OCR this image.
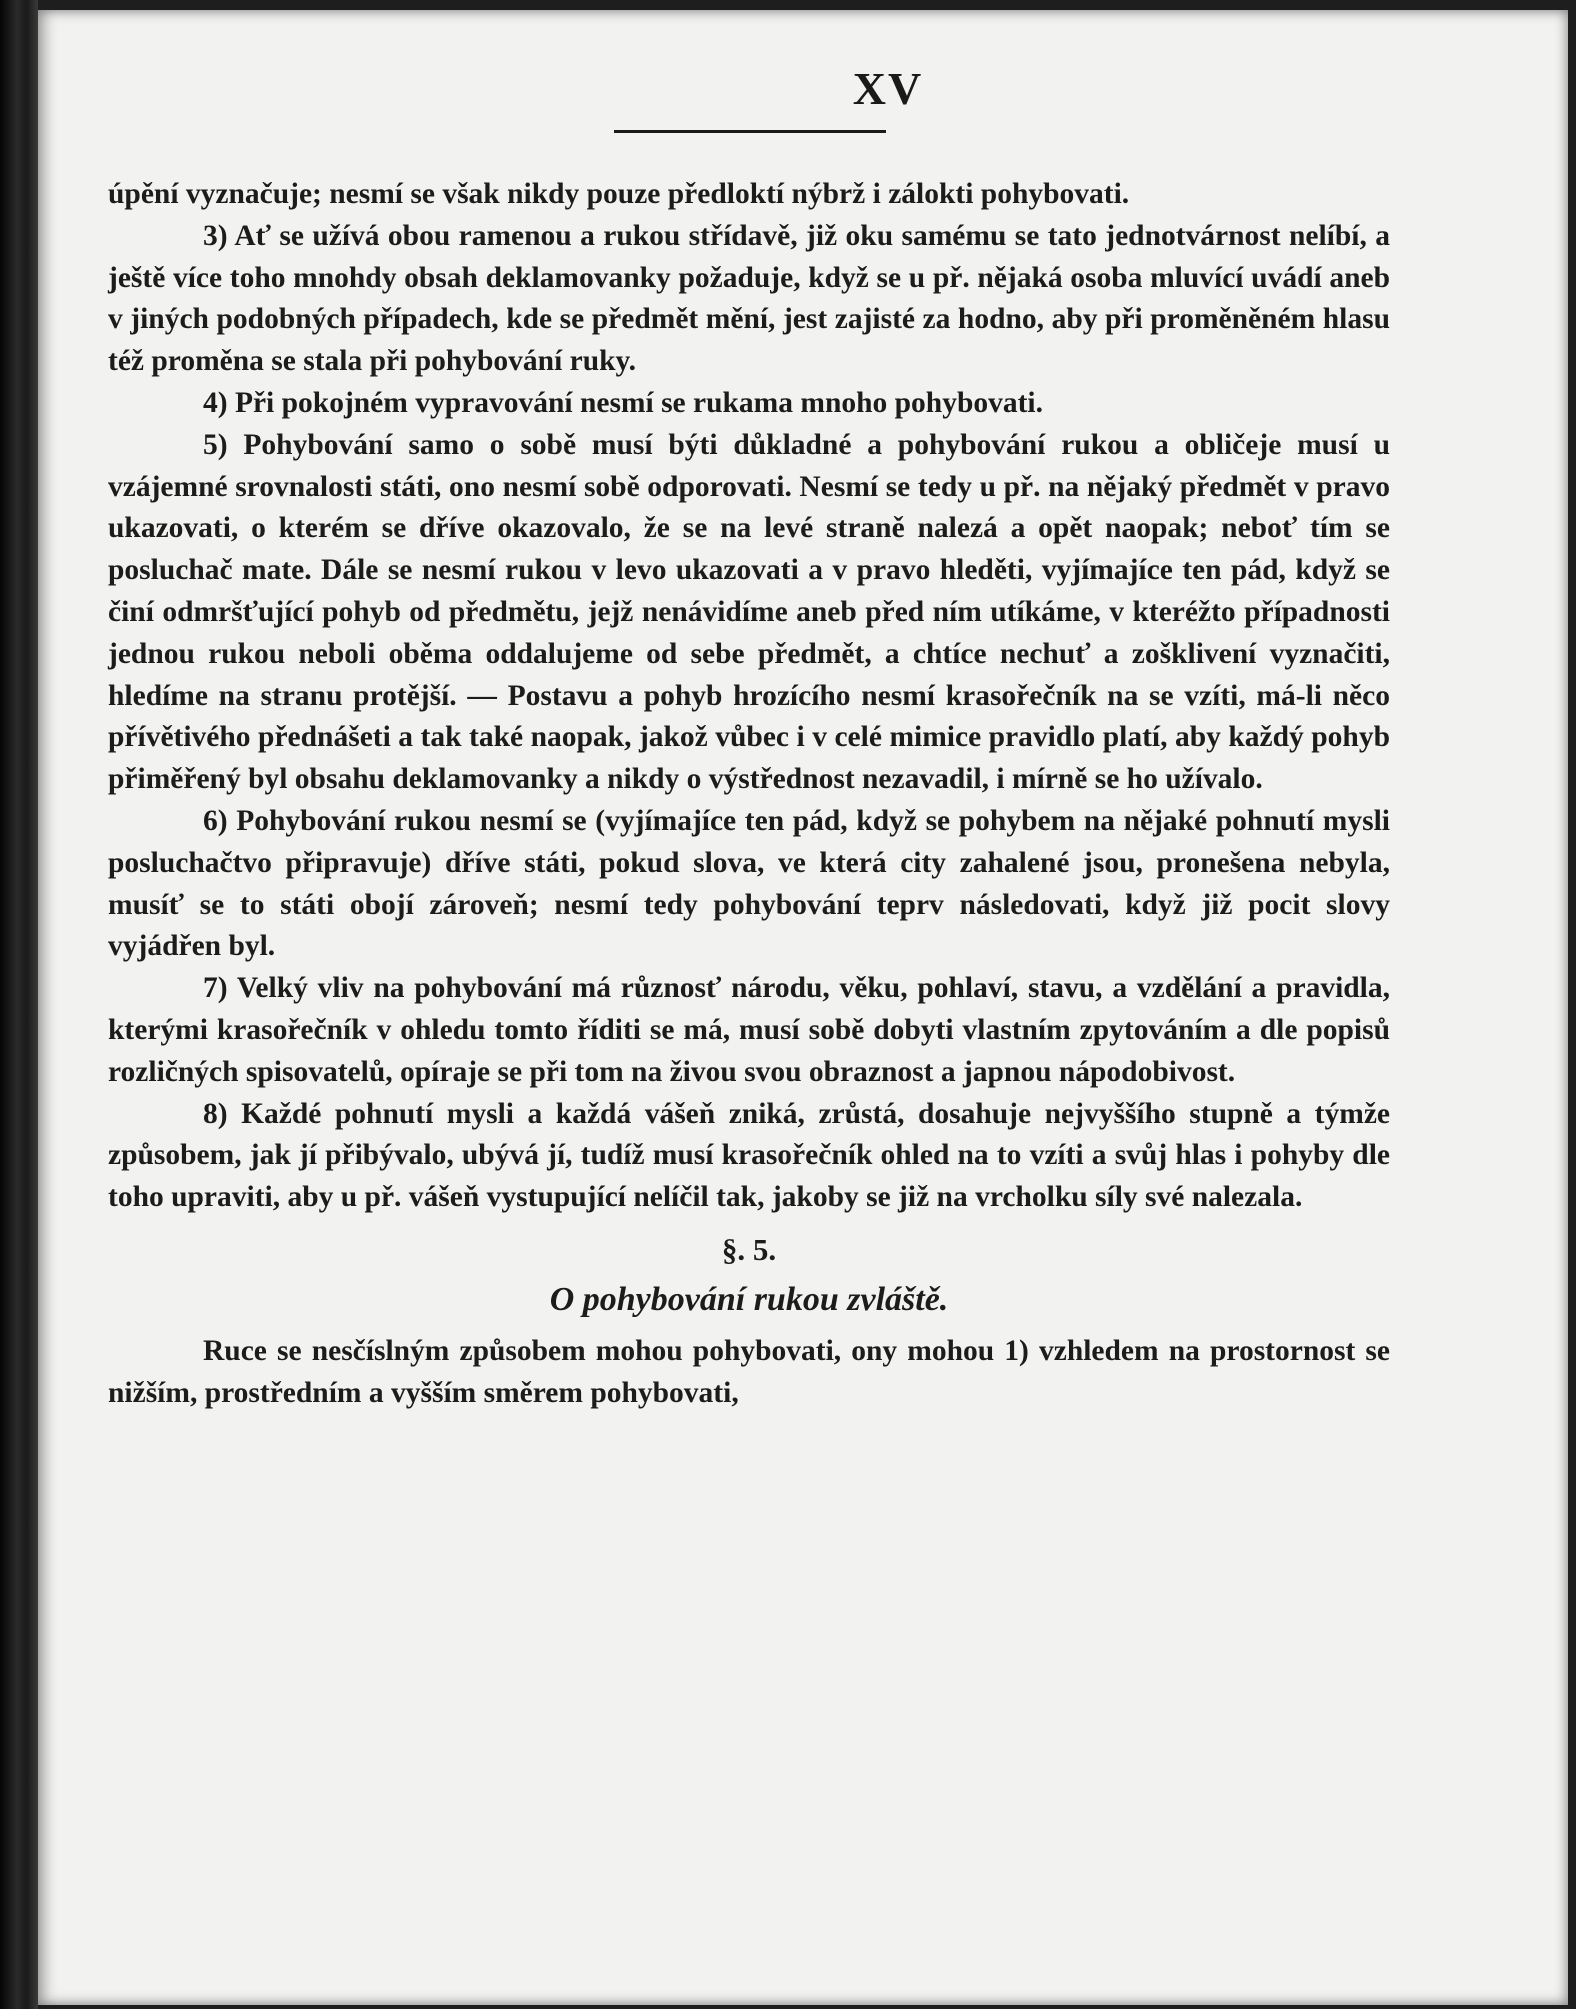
XV

úpění vyznačuje; nesmí se však nikdy pouze předloktí nýbrž i zálokti pohybovati.

3) Ať se užívá obou ramenou a rukou střídavě, již oku samému se tato jednotvárnost nelíbí, a ještě více toho mnohdy obsah deklamovanky požaduje, když se u př. nějaká osoba mluvící uvádí aneb v jiných podobných případech, kde se předmět mění, jest zajisté za hodno, aby při proměněném hlasu též proměna se stala při pohybování ruky.

4) Při pokojném vypravování nesmí se rukama mnoho pohybovati.

5) Pohybování samo o sobě musí býti důkladné a pohybování rukou a obličeje musí u vzájemné srovnalosti státi, ono nesmí sobě odporovati. Nesmí se tedy u př. na nějaký předmět v pravo ukazovati, o kterém se dříve okazovalo, že se na levé straně nalezá a opět naopak; neboť tím se posluchač mate. Dále se nesmí rukou v levo ukazovati a v pravo hleděti, vyjímajíce ten pád, když se činí odmršťující pohyb od předmětu, jejž nenávidíme aneb před ním utíkáme, v kteréžto případnosti jednou rukou neboli oběma oddalujeme od sebe předmět, a chtíce nechuť a zošklivení vyznačiti, hledíme na stranu protější. — Postavu a pohyb hrozícího nesmí krasořečník na se vzíti, má-li něco přívětivého přednášeti a tak také naopak, jakož vůbec i v celé mimice pravidlo platí, aby každý pohyb přiměřený byl obsahu deklamovanky a nikdy o výstřednost nezavadil, i mírně se ho užívalo.

6) Pohybování rukou nesmí se (vyjímajíce ten pád, když se pohybem na nějaké pohnutí mysli posluchačtvo připravuje) dříve státi, pokud slova, ve která city zahalené jsou, pronešena nebyla, musíť se to státi obojí zároveň; nesmí tedy pohybování teprv následovati, když již pocit slovy vyjádřen byl.

7) Velký vliv na pohybování má různosť národu, věku, pohlaví, stavu, a vzdělání a pravidla, kterými krasořečník v ohledu tomto říditi se má, musí sobě dobyti vlastním zpytováním a dle popisů rozličných spisovatelů, opíraje se při tom na živou svou obraznost a japnou nápodobivost.

8) Každé pohnutí mysli a každá vášeň zniká, zrůstá, dosahuje nejvyššího stupně a týmže způsobem, jak jí přibývalo, ubývá jí, tudíž musí krasořečník ohled na to vzíti a svůj hlas i pohyby dle toho upraviti, aby u př. vášeň vystupující nelíčil tak, jakoby se již na vrcholku síly své nalezala.

§. 5.
O pohybování rukou zvláště.

Ruce se nesčíslným způsobem mohou pohybovati, ony mohou 1) vzhledem na prostornost se nižším, prostředním a vyšším směrem pohybovati,
